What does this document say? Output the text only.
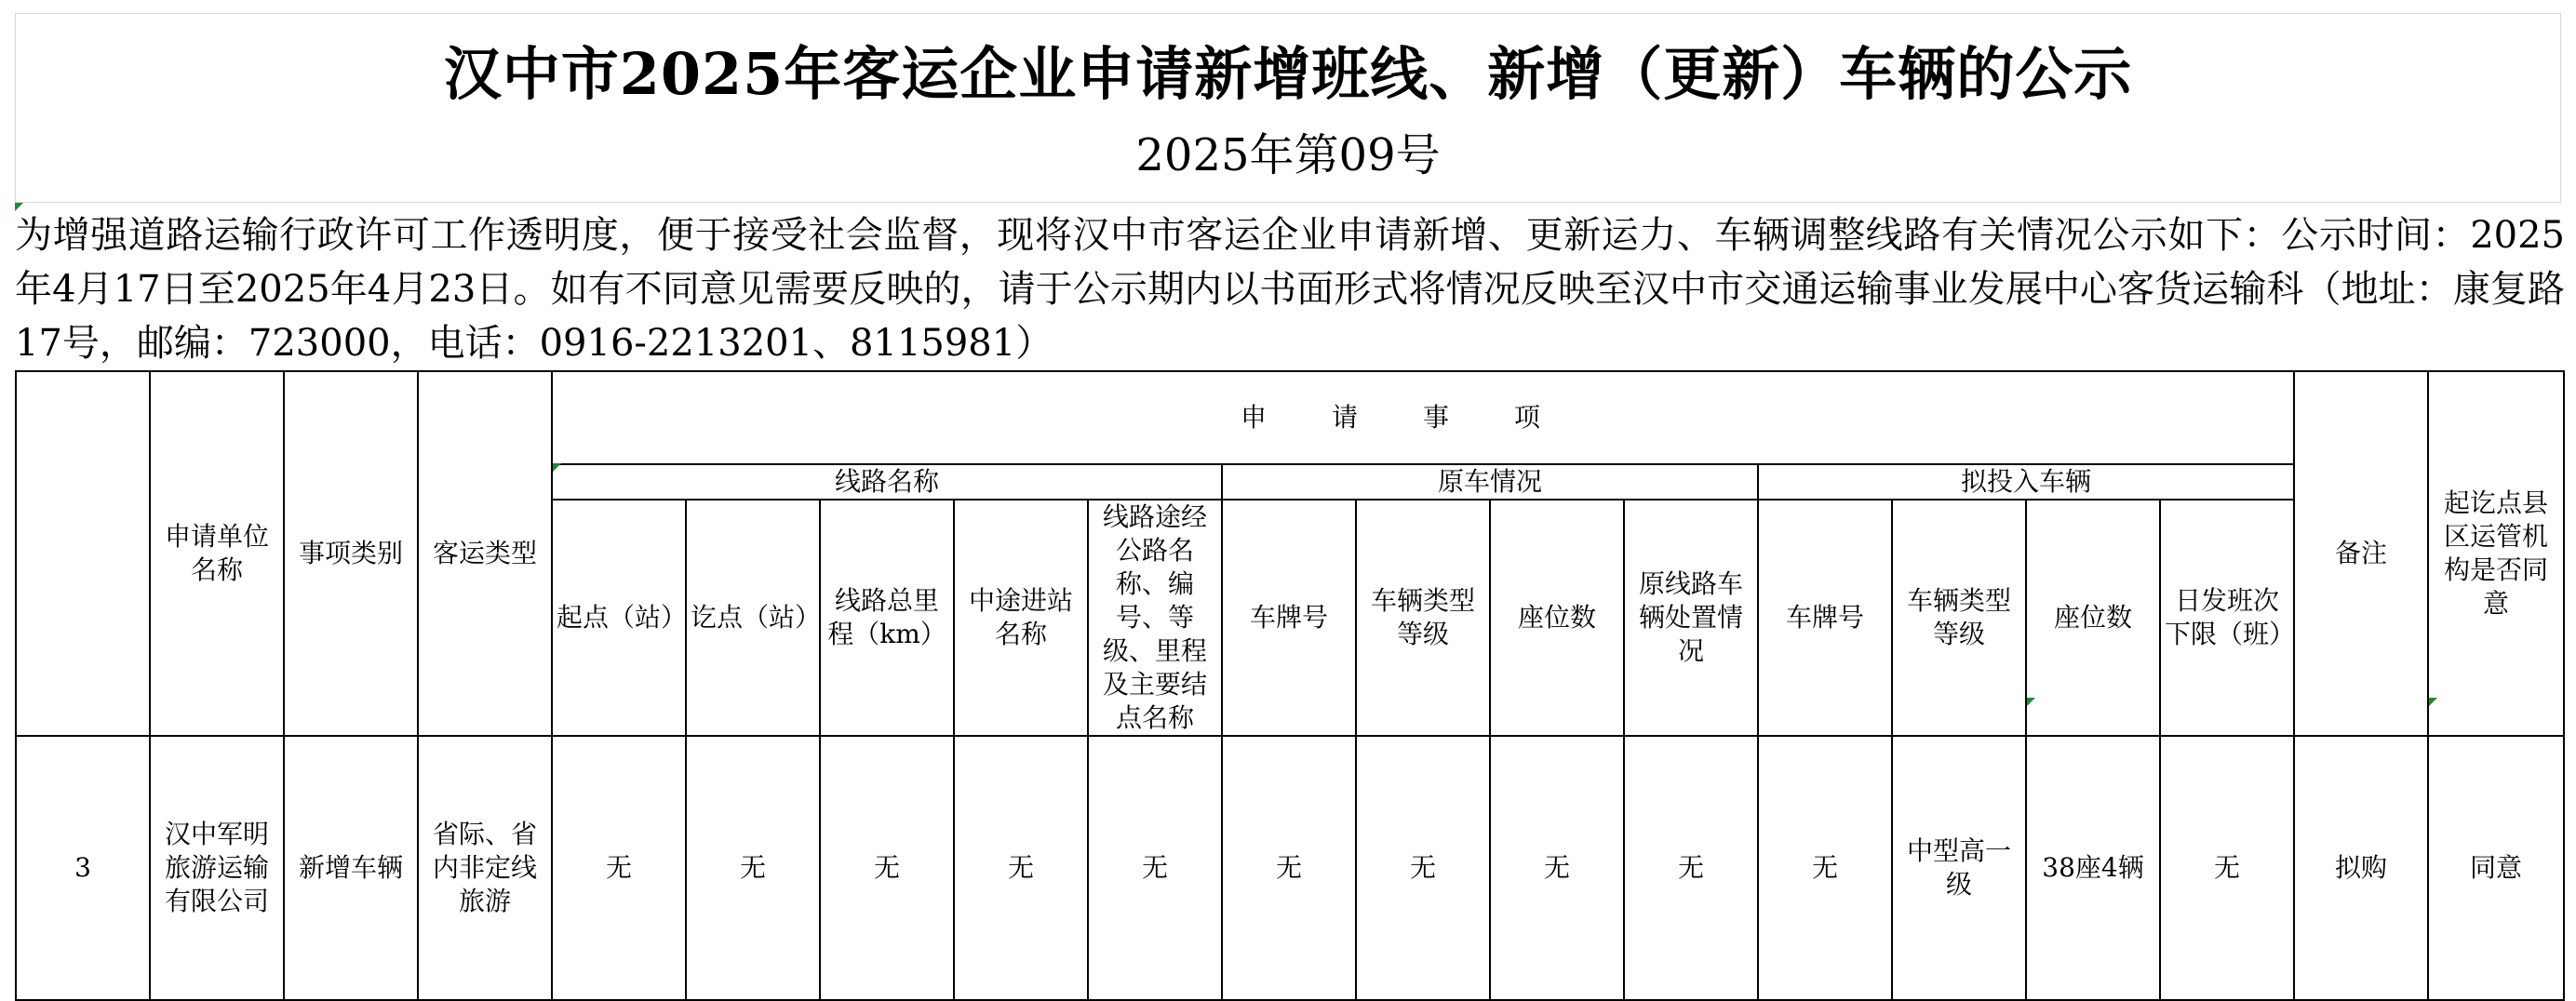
汉中市2025年客运企业申请新增班线、新增（更新）车辆的公示
2025年第09号
为增强道路运输行政许可工作透明度，便于接受社会监督，现将汉中市客运企业申请新增、更新运力、车辆调整线路有关情况公示如下：公示时间：2025年4月17日至2025年4月23日。如有不同意见需要反映的，请于公示期内以书面形式将情况反映至汉中市交通运输事业发展中心客货运输科（地址：康复路17号，邮编：723000，电话：0916-2213201、8115981）
	申请单位名称	事项类别	客运类型	申请事项													备注	起讫点县区运管机构是否同意
				线路名称					原车情况				拟投入车辆					
				起点（站）	讫点（站）	线路总里程（km）	中途进站名称	线路途经公路名称、编号、等级、里程及主要结点名称	车牌号	车辆类型等级	座位数	原线路车辆处置情况	车牌号	车辆类型等级	座位数	日发班次下限（班）		
3	汉中军明旅游运输有限公司	新增车辆	省际、省内非定线旅游	无	无	无	无	无	无	无	无	无	无	中型高一级	38座4辆	无	拟购	同意
